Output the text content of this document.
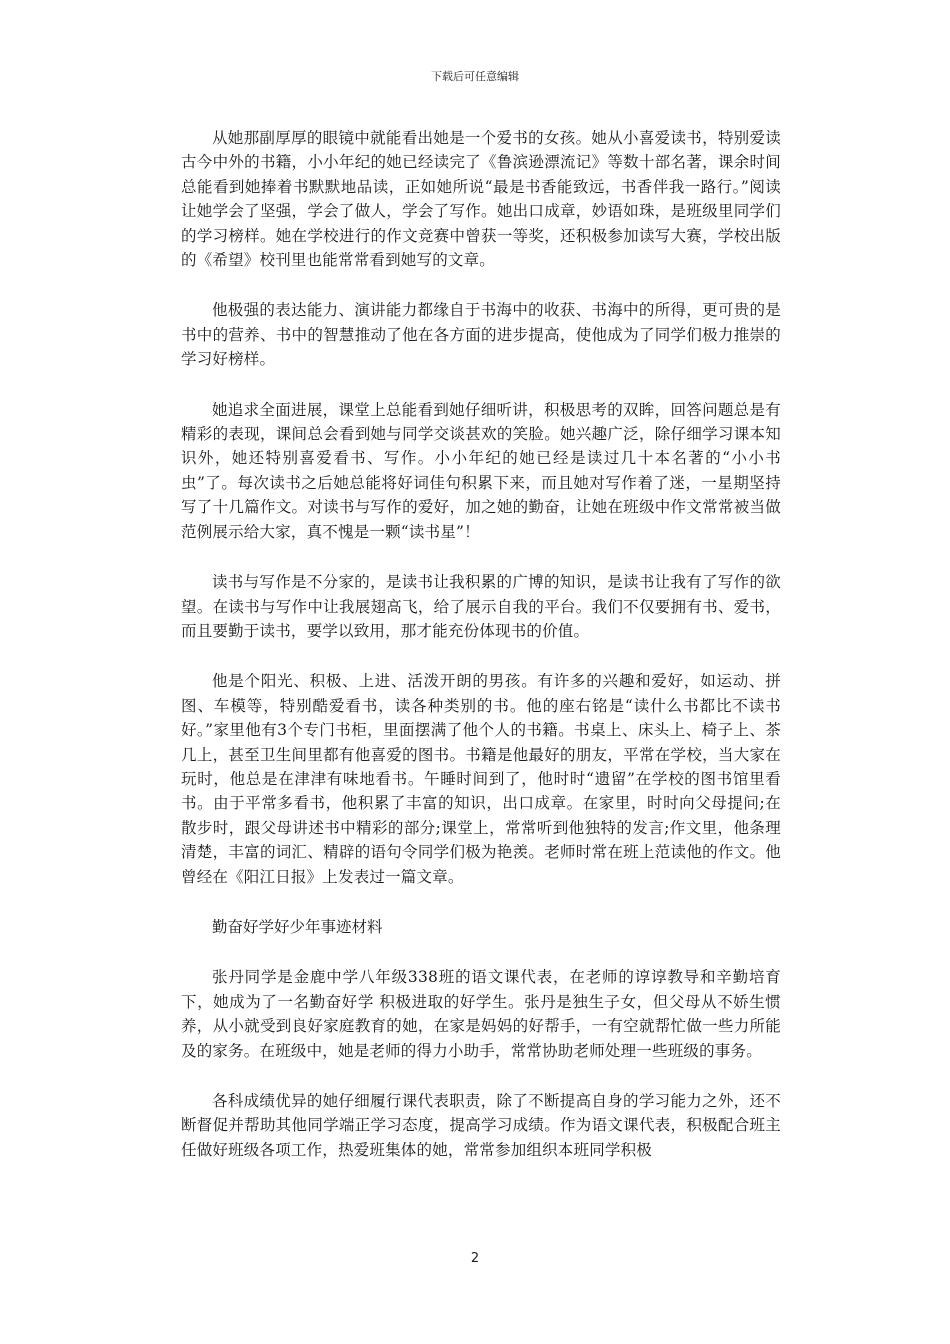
下载后可任意编辑

从她那副厚厚的眼镜中就能看出她是一个爱书的女孩。她从小喜爱读书，特别爱读古今中外的书籍，小小年纪的她已经读完了《鲁滨逊漂流记》等数十部名著，课余时间总能看到她捧着书默默地品读，正如她所说“最是书香能致远，书香伴我一路行。”阅读让她学会了坚强，学会了做人，学会了写作。她出口成章，妙语如珠，是班级里同学们的学习榜样。她在学校进行的作文竞赛中曾获一等奖，还积极参加读写大赛，学校出版的《希望》校刊里也能常常看到她写的文章。

他极强的表达能力、演讲能力都缘自于书海中的收获、书海中的所得，更可贵的是书中的营养、书中的智慧推动了他在各方面的进步提高，使他成为了同学们极力推崇的学习好榜样。

她追求全面进展，课堂上总能看到她仔细听讲，积极思考的双眸，回答问题总是有精彩的表现，课间总会看到她与同学交谈甚欢的笑脸。她兴趣广泛，除仔细学习课本知识外，她还特别喜爱看书、写作。小小年纪的她已经是读过几十本名著的“小小书虫”了。每次读书之后她总能将好词佳句积累下来，而且她对写作着了迷，一星期坚持写了十几篇作文。对读书与写作的爱好，加之她的勤奋，让她在班级中作文常常被当做范例展示给大家，真不愧是一颗“读书星”！

读书与写作是不分家的，是读书让我积累的广博的知识，是读书让我有了写作的欲望。在读书与写作中让我展翅高飞，给了展示自我的平台。我们不仅要拥有书、爱书，而且要勤于读书，要学以致用，那才能充份体现书的价值。

他是个阳光、积极、上进、活泼开朗的男孩。有许多的兴趣和爱好，如运动、拼图、车模等，特别酷爱看书，读各种类别的书。他的座右铭是“读什么书都比不读书好。”家里他有3个专门书柜，里面摆满了他个人的书籍。书桌上、床头上、椅子上、茶几上，甚至卫生间里都有他喜爱的图书。书籍是他最好的朋友，平常在学校，当大家在玩时，他总是在津津有味地看书。午睡时间到了，他时时“遗留”在学校的图书馆里看书。由于平常多看书，他积累了丰富的知识，出口成章。在家里，时时向父母提问;在散步时，跟父母讲述书中精彩的部分;课堂上，常常听到他独特的发言;作文里，他条理清楚，丰富的词汇、精辟的语句令同学们极为艳羡。老师时常在班上范读他的作文。他曾经在《阳江日报》上发表过一篇文章。

勤奋好学好少年事迹材料

张丹同学是金鹿中学八年级338班的语文课代表，在老师的谆谆教导和辛勤培育下，她成为了一名勤奋好学 积极进取的好学生。张丹是独生子女，但父母从不娇生惯养，从小就受到良好家庭教育的她，在家是妈妈的好帮手，一有空就帮忙做一些力所能及的家务。在班级中，她是老师的得力小助手，常常协助老师处理一些班级的事务。

各科成绩优异的她仔细履行课代表职责，除了不断提高自身的学习能力之外，还不断督促并帮助其他同学端正学习态度，提高学习成绩。作为语文课代表，积极配合班主任做好班级各项工作，热爱班集体的她，常常参加组织本班同学积极

2
